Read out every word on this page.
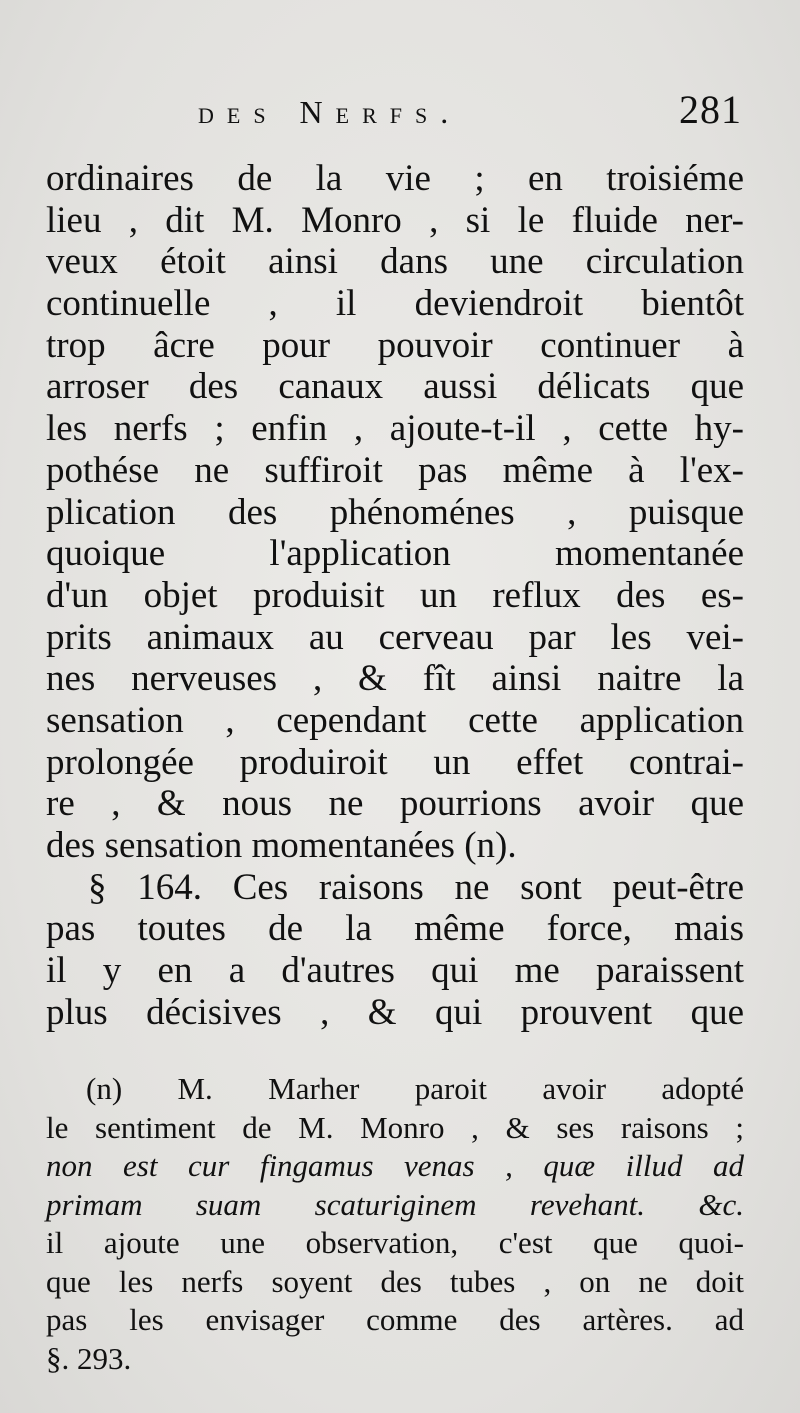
des Nerfs.	281
ordinaires de la vie ; en troisiéme
lieu , dit M. Monro , si le fluide ner-
veux étoit ainsi dans une circulation
continuelle , il deviendroit bientôt
trop âcre pour pouvoir continuer à
arroser des canaux aussi délicats que
les nerfs ; enfin , ajoute-t-il , cette hy-
pothése ne suffiroit pas même à l'ex-
plication des phénoménes , puisque
quoique l'application momentanée
d'un objet produisit un reflux des es-
prits animaux au cerveau par les vei-
nes nerveuses , & fît ainsi naitre la
sensation , cependant cette application
prolongée produiroit un effet contrai-
re , & nous ne pourrions avoir que
des sensation momentanées (n).
§ 164. Ces raisons ne sont peut-être
pas toutes de la même force, mais
il y en a d'autres qui me paraissent
plus décisives , & qui prouvent que
(n) M. Marher paroit avoir adopté
le sentiment de M. Monro , & ses raisons ;
non est cur fingamus venas , quæ illud ad
primam suam scaturiginem revehant. &c.
il ajoute une observation, c'est que quoi-
que les nerfs soyent des tubes , on ne doit
pas les envisager comme des artères. ad
§. 293.
